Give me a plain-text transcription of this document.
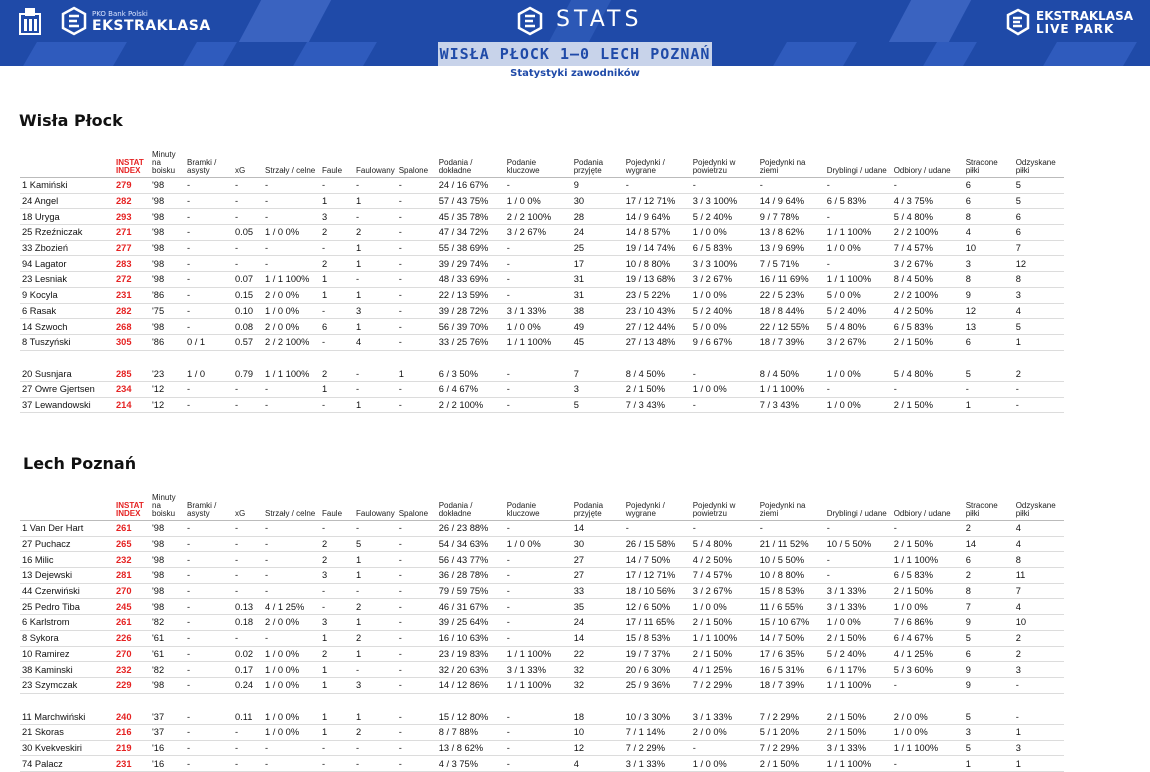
PKO Bank Polski
EKSTRAKLASA	STATS	EKSTRAKLASA
LIVE PARK
WISŁA PŁOCK 1–0 LECH POZNAŃ
Statystyki zawodników
Wisła Płock
	INSTAT INDEX	Minuty na boisku	Bramki / asysty	xG	Strzały / celne	Faule	Faulowany	Spalone	Podania / dokładne	Podanie kluczowe	Podania przyjęte	Pojedynki / wygrane	Pojedynki w powietrzu	Pojedynki na ziemi	Dryblingi / udane	Odbiory / udane	Stracone piłki	Odzyskane piłki
1 Kamiński	279	'98	-	-	-	-	-	-	24 / 16 67%	-	9	-	-	-	-	-	6	5
24 Angel	282	'98	-	-	-	1	1	-	57 / 43 75%	1 / 0 0%	30	17 / 12 71%	3 / 3 100%	14 / 9 64%	6 / 5 83%	4 / 3 75%	6	5
18 Uryga	293	'98	-	-	-	3	-	-	45 / 35 78%	2 / 2 100%	28	14 / 9 64%	5 / 2 40%	9 / 7 78%	-	5 / 4 80%	8	6
25 Rzeźniczak	271	'98	-	0.05	1 / 0 0%	2	2	-	47 / 34 72%	3 / 2 67%	24	14 / 8 57%	1 / 0 0%	13 / 8 62%	1 / 1 100%	2 / 2 100%	4	6
33 Zbozień	277	'98	-	-	-	-	1	-	55 / 38 69%	-	25	19 / 14 74%	6 / 5 83%	13 / 9 69%	1 / 0 0%	7 / 4 57%	10	7
94 Lagator	283	'98	-	-	-	2	1	-	39 / 29 74%	-	17	10 / 8 80%	3 / 3 100%	7 / 5 71%	-	3 / 2 67%	3	12
23 Lesniak	272	'98	-	0.07	1 / 1 100%	1	-	-	48 / 33 69%	-	31	19 / 13 68%	3 / 2 67%	16 / 11 69%	1 / 1 100%	8 / 4 50%	8	8
9 Kocyla	231	'86	-	0.15	2 / 0 0%	1	1	-	22 / 13 59%	-	31	23 / 5 22%	1 / 0 0%	22 / 5 23%	5 / 0 0%	2 / 2 100%	9	3
6 Rasak	282	'75	-	0.10	1 / 0 0%	-	3	-	39 / 28 72%	3 / 1 33%	38	23 / 10 43%	5 / 2 40%	18 / 8 44%	5 / 2 40%	4 / 2 50%	12	4
14 Szwoch	268	'98	-	0.08	2 / 0 0%	6	1	-	56 / 39 70%	1 / 0 0%	49	27 / 12 44%	5 / 0 0%	22 / 12 55%	5 / 4 80%	6 / 5 83%	13	5
8 Tuszyński	305	'86	0 / 1	0.57	2 / 2 100%	-	4	-	33 / 25 76%	1 / 1 100%	45	27 / 13 48%	9 / 6 67%	18 / 7 39%	3 / 2 67%	2 / 1 50%	6	1

20 Susnjara	285	'23	1 / 0	0.79	1 / 1 100%	2	-	1	6 / 3 50%	-	7	8 / 4 50%	-	8 / 4 50%	1 / 0 0%	5 / 4 80%	5	2
27 Owre Gjertsen	234	'12	-	-	-	1	-	-	6 / 4 67%	-	3	2 / 1 50%	1 / 0 0%	1 / 1 100%	-	-	-	-
37 Lewandowski	214	'12	-	-	-	-	1	-	2 / 2 100%	-	5	7 / 3 43%	-	7 / 3 43%	1 / 0 0%	2 / 1 50%	1	-
Lech Poznań
	INSTAT INDEX	Minuty na boisku	Bramki / asysty	xG	Strzały / celne	Faule	Faulowany	Spalone	Podania / dokładne	Podanie kluczowe	Podania przyjęte	Pojedynki / wygrane	Pojedynki w powietrzu	Pojedynki na ziemi	Dryblingi / udane	Odbiory / udane	Stracone piłki	Odzyskane piłki
1 Van Der Hart	261	'98	-	-	-	-	-	-	26 / 23 88%	-	14	-	-	-	-	-	2	4
27 Puchacz	265	'98	-	-	-	2	5	-	54 / 34 63%	1 / 0 0%	30	26 / 15 58%	5 / 4 80%	21 / 11 52%	10 / 5 50%	2 / 1 50%	14	4
16 Milic	232	'98	-	-	-	2	1	-	56 / 43 77%	-	27	14 / 7 50%	4 / 2 50%	10 / 5 50%	-	1 / 1 100%	6	8
13 Dejewski	281	'98	-	-	-	3	1	-	36 / 28 78%	-	27	17 / 12 71%	7 / 4 57%	10 / 8 80%	-	6 / 5 83%	2	11
44 Czerwiński	270	'98	-	-	-	-	-	-	79 / 59 75%	-	33	18 / 10 56%	3 / 2 67%	15 / 8 53%	3 / 1 33%	2 / 1 50%	8	7
25 Pedro Tiba	245	'98	-	0.13	4 / 1 25%	-	2	-	46 / 31 67%	-	35	12 / 6 50%	1 / 0 0%	11 / 6 55%	3 / 1 33%	1 / 0 0%	7	4
6 Karlstrom	261	'82	-	0.18	2 / 0 0%	3	1	-	39 / 25 64%	-	24	17 / 11 65%	2 / 1 50%	15 / 10 67%	1 / 0 0%	7 / 6 86%	9	10
8 Sykora	226	'61	-	-	-	1	2	-	16 / 10 63%	-	14	15 / 8 53%	1 / 1 100%	14 / 7 50%	2 / 1 50%	6 / 4 67%	5	2
10 Ramirez	270	'61	-	0.02	1 / 0 0%	2	1	-	23 / 19 83%	1 / 1 100%	22	19 / 7 37%	2 / 1 50%	17 / 6 35%	5 / 2 40%	4 / 1 25%	6	2
38 Kaminski	232	'82	-	0.17	1 / 0 0%	1	-	-	32 / 20 63%	3 / 1 33%	32	20 / 6 30%	4 / 1 25%	16 / 5 31%	6 / 1 17%	5 / 3 60%	9	3
23 Szymczak	229	'98	-	0.24	1 / 0 0%	1	3	-	14 / 12 86%	1 / 1 100%	32	25 / 9 36%	7 / 2 29%	18 / 7 39%	1 / 1 100%	-	9	-

11 Marchwiński	240	'37	-	0.11	1 / 0 0%	1	1	-	15 / 12 80%	-	18	10 / 3 30%	3 / 1 33%	7 / 2 29%	2 / 1 50%	2 / 0 0%	5	-
21 Skoras	216	'37	-	-	1 / 0 0%	1	2	-	8 / 7 88%	-	10	7 / 1 14%	2 / 0 0%	5 / 1 20%	2 / 1 50%	1 / 0 0%	3	1
30 Kvekveskiri	219	'16	-	-	-	-	-	-	13 / 8 62%	-	12	7 / 2 29%	-	7 / 2 29%	3 / 1 33%	1 / 1 100%	5	3
74 Palacz	231	'16	-	-	-	-	-	-	4 / 3 75%	-	4	3 / 1 33%	1 / 0 0%	2 / 1 50%	1 / 1 100%	-	1	1
